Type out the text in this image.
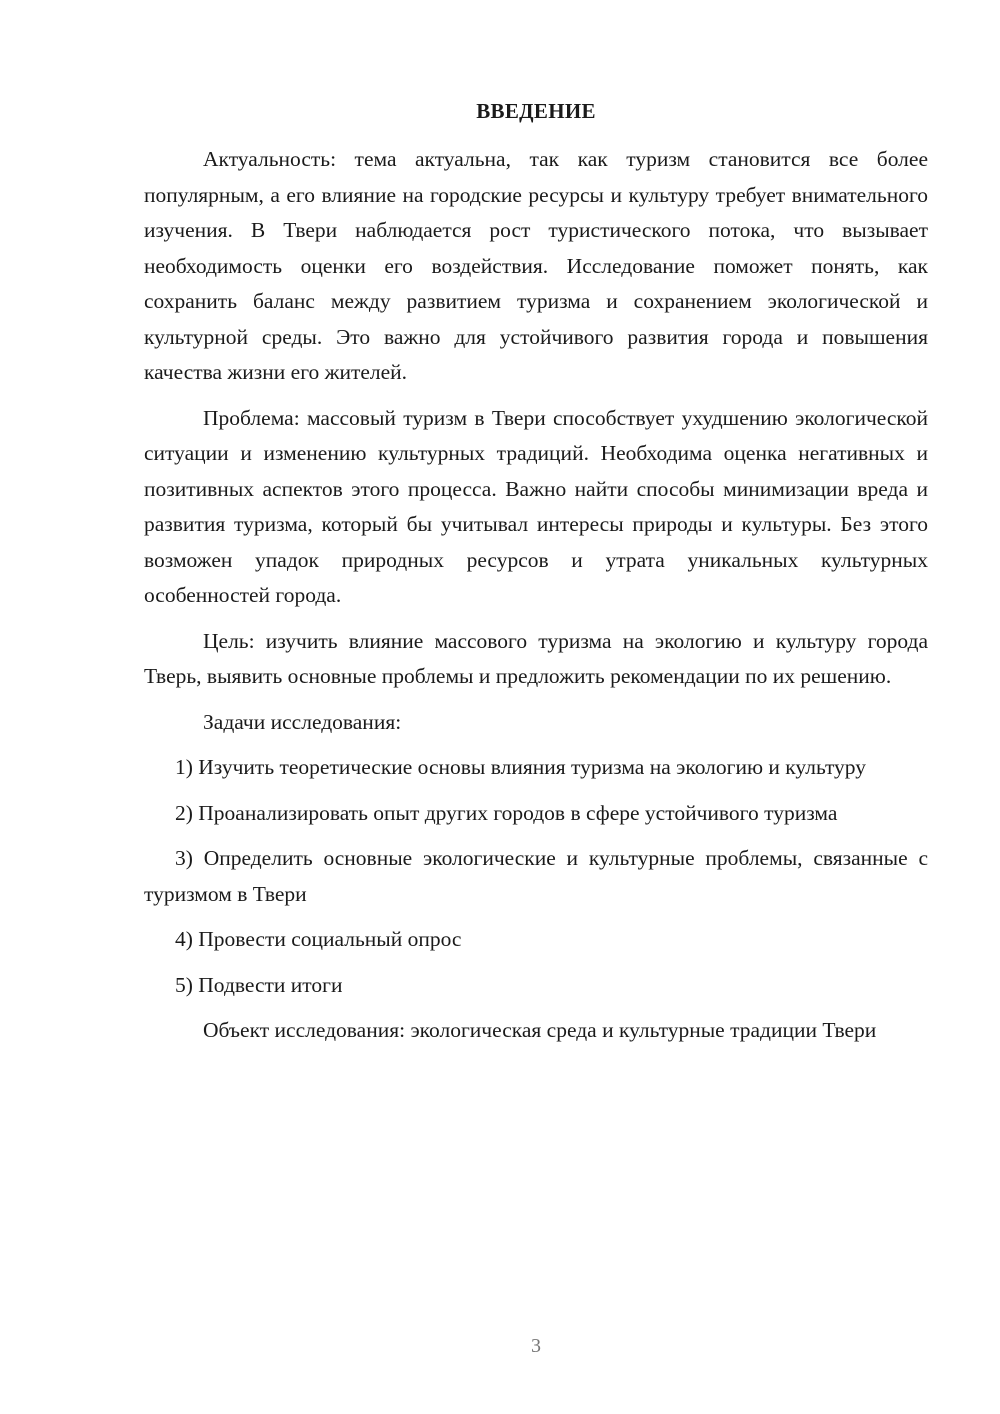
ВВЕДЕНИЕ

Актуальность: тема актуальна, так как туризм становится все более популярным, а его влияние на городские ресурсы и культуру требует внимательного изучения. В Твери наблюдается рост туристического потока, что вызывает необходимость оценки его воздействия. Исследование поможет понять, как сохранить баланс между развитием туризма и сохранением экологической и культурной среды. Это важно для устойчивого развития города и повышения качества жизни его жителей.

Проблема: массовый туризм в Твери способствует ухудшению экологической ситуации и изменению культурных традиций. Необходима оценка негативных и позитивных аспектов этого процесса. Важно найти способы минимизации вреда и развития туризма, который бы учитывал интересы природы и культуры. Без этого возможен упадок природных ресурсов и утрата уникальных культурных особенностей города.

Цель: изучить влияние массового туризма на экологию и культуру города Тверь, выявить основные проблемы и предложить рекомендации по их решению.

Задачи исследования:

1) Изучить теоретические основы влияния туризма на экологию и культуру

2) Проанализировать опыт других городов в сфере устойчивого туризма

3) Определить основные экологические и культурные проблемы, связанные с туризмом в Твери

4) Провести социальный опрос

5) Подвести итоги

Объект исследования: экологическая среда и культурные традиции Твери

3
